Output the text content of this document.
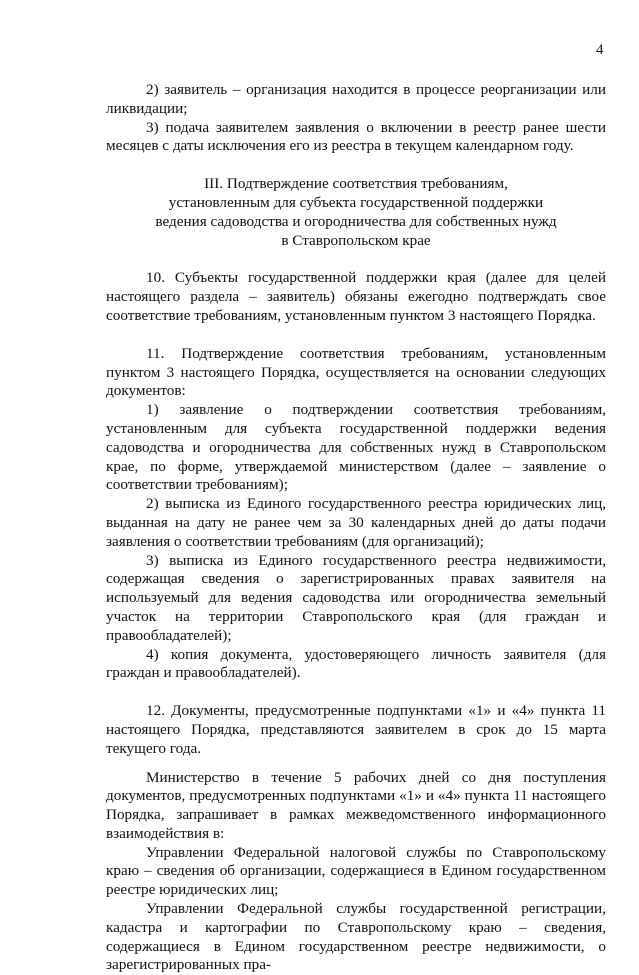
4

2) заявитель – организация находится в процессе реорганизации или ликвидации;

3) подача заявителем заявления о включении в реестр ранее шести месяцев с даты исключения его из реестра в текущем календарном году.

III. Подтверждение соответствия требованиям,
установленным для субъекта государственной поддержки
ведения садоводства и огородничества для собственных нужд
в Ставропольском крае

10. Субъекты государственной поддержки края (далее для целей настоящего раздела – заявитель) обязаны ежегодно подтверждать свое соответствие требованиям, установленным пунктом 3 настоящего Порядка.

11. Подтверждение соответствия требованиям, установленным пунктом 3 настоящего Порядка, осуществляется на основании следующих документов:

1) заявление о подтверждении соответствия требованиям, установленным для субъекта государственной поддержки ведения садоводства и огородничества для собственных нужд в Ставропольском крае, по форме, утверждаемой министерством (далее – заявление о соответствии требованиям);

2) выписка из Единого государственного реестра юридических лиц, выданная на дату не ранее чем за 30 календарных дней до даты подачи заявления о соответствии требованиям (для организаций);

3) выписка из Единого государственного реестра недвижимости, содержащая сведения о зарегистрированных правах заявителя на используемый для ведения садоводства или огородничества земельный участок на территории Ставропольского края (для граждан и правообладателей);

4) копия документа, удостоверяющего личность заявителя (для граждан и правообладателей).

12. Документы, предусмотренные подпунктами «1» и «4» пункта 11 настоящего Порядка, представляются заявителем в срок до 15 марта текущего года.

Министерство в течение 5 рабочих дней со дня поступления документов, предусмотренных подпунктами «1» и «4» пункта 11 настоящего Порядка, запрашивает в рамках межведомственного информационного взаимодействия в:

Управлении Федеральной налоговой службы по Ставропольскому краю – сведения об организации, содержащиеся в Едином государственном реестре юридических лиц;

Управлении Федеральной службы государственной регистрации, кадастра и картографии по Ставропольскому краю – сведения, содержащиеся в Едином государственном реестре недвижимости, о зарегистрированных пра-
